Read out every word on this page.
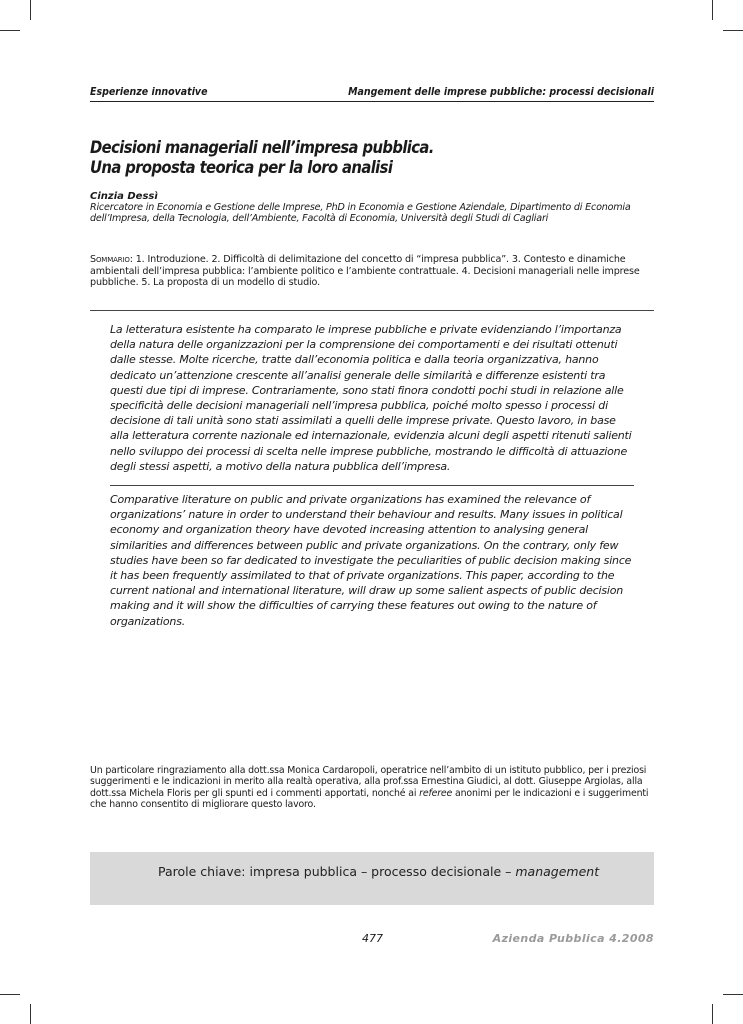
Esperienze innovative	Mangement delle imprese pubbliche: processi decisionali
Decisioni manageriali nell’impresa pubblica.
Una proposta teorica per la loro analisi
Cinzia Dessì
Ricercatore in Economia e Gestione delle Imprese, PhD in Economia e Gestione Aziendale, Dipartimento di Economia dell’Impresa, della Tecnologia, dell’Ambiente, Facoltà di Economia, Università degli Studi di Cagliari
Sommario: 1. Introduzione. 2. Difficoltà di delimitazione del concetto di “impresa pubblica”. 3. Contesto e dinamiche ambientali dell’impresa pubblica: l’ambiente politico e l’ambiente contrattuale. 4. Decisioni manageriali nelle imprese pubbliche. 5. La proposta di un modello di studio.
La letteratura esistente ha comparato le imprese pubbliche e private evidenziando l’importanza della natura delle organizzazioni per la comprensione dei comportamenti e dei risultati ottenuti dalle stesse. Molte ricerche, tratte dall’economia politica e dalla teoria organizzativa, hanno dedicato un’attenzione crescente all’analisi generale delle similarità e differenze esistenti tra questi due tipi di imprese. Contrariamente, sono stati finora condotti pochi studi in relazione alle specificità delle decisioni manageriali nell’impresa pubblica, poiché molto spesso i processi di decisione di tali unità sono stati assimilati a quelli delle imprese private. Questo lavoro, in base alla letteratura corrente nazionale ed internazionale, evidenzia alcuni degli aspetti ritenuti salienti nello sviluppo dei processi di scelta nelle imprese pubbliche, mostrando le difficoltà di attuazione degli stessi aspetti, a motivo della natura pubblica dell’impresa.
Comparative literature on public and private organizations has examined the relevance of organizations’ nature in order to understand their behaviour and results. Many issues in political economy and organization theory have devoted increasing attention to analysing general similarities and differences between public and private organizations. On the contrary, only few studies have been so far dedicated to investigate the peculiarities of public decision making since it has been frequently assimilated to that of private organizations. This paper, according to the current national and international literature, will draw up some salient aspects of public decision making and it will show the difficulties of carrying these features out owing to the nature of organizations.
Un particolare ringraziamento alla dott.ssa Monica Cardaropoli, operatrice nell’ambito di un istituto pubblico, per i preziosi suggerimenti e le indicazioni in merito alla realtà operativa, alla prof.ssa Ernestina Giudici, al dott. Giuseppe Argiolas, alla dott.ssa Michela Floris per gli spunti ed i commenti apportati, nonché ai referee anonimi per le indicazioni e i suggerimenti che hanno consentito di migliorare questo lavoro.
Parole chiave: impresa pubblica – processo decisionale – management
477	Azienda Pubblica 4.2008
